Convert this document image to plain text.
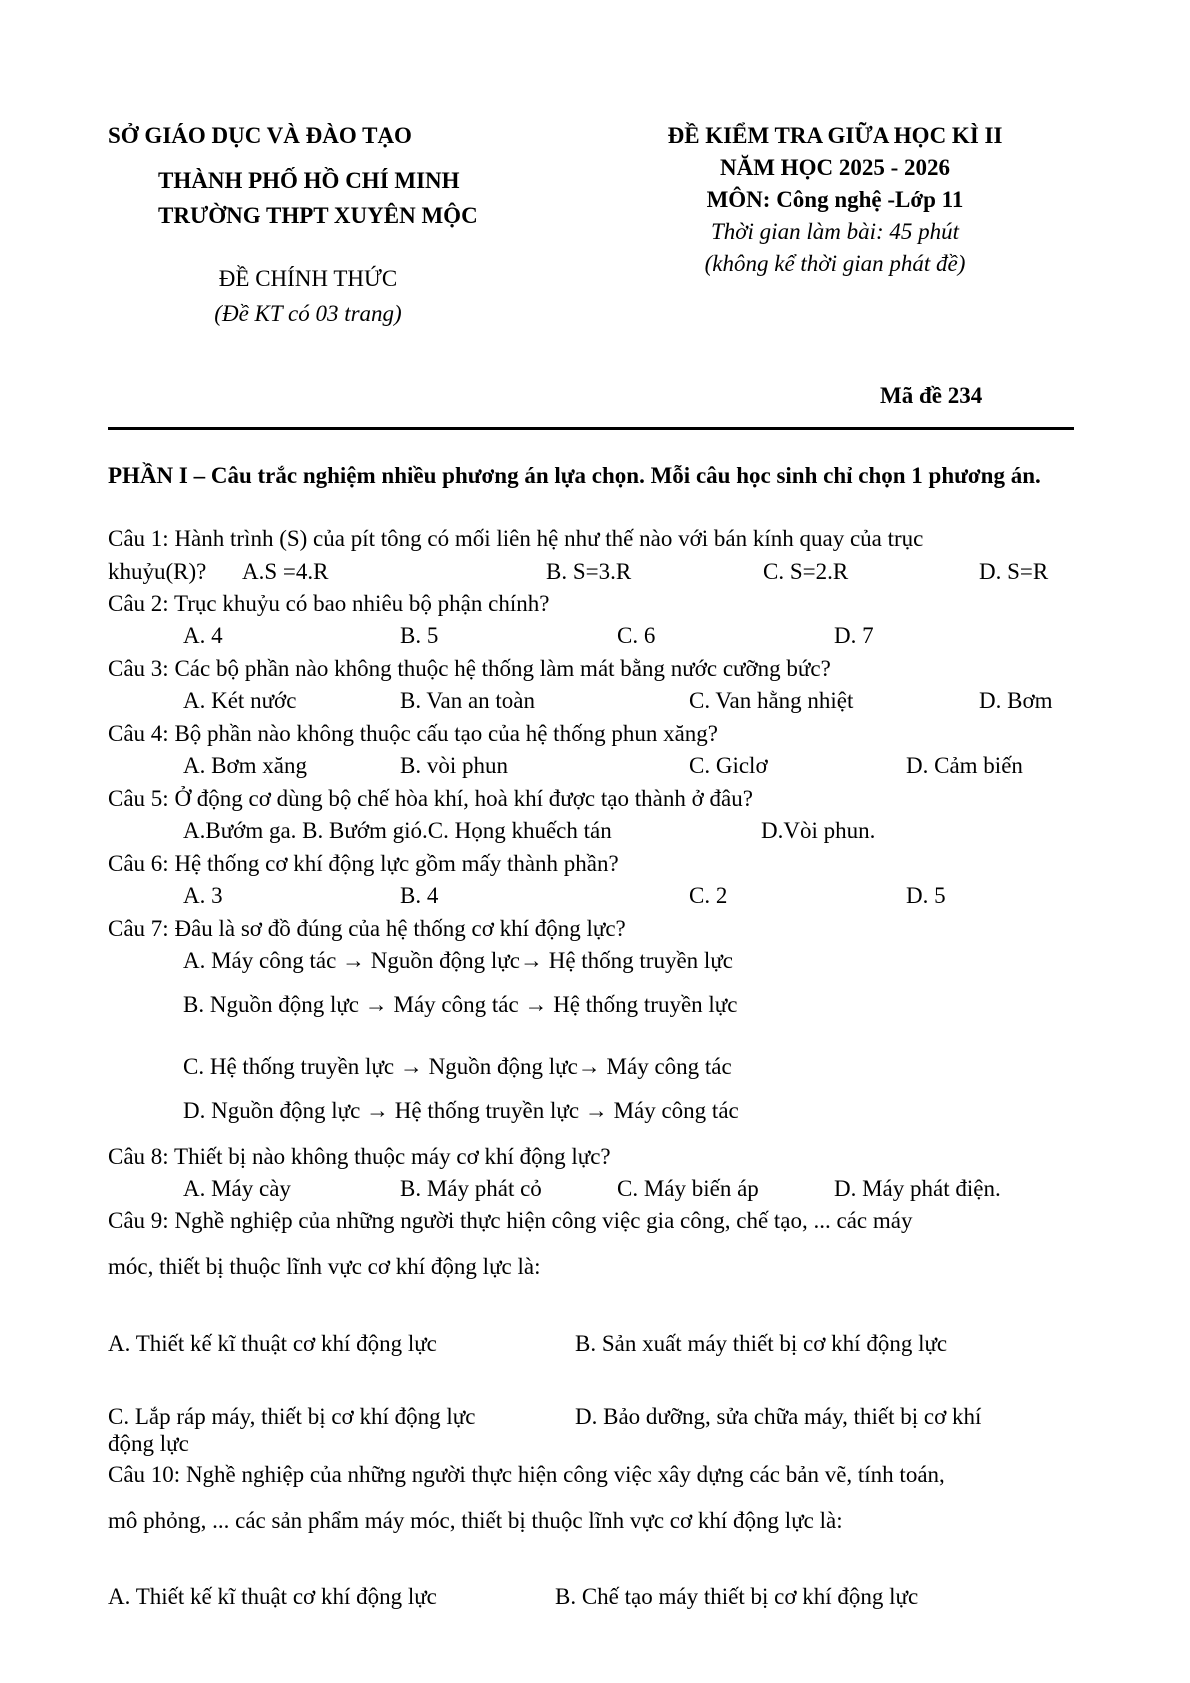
SỞ GIÁO DỤC VÀ ĐÀO TẠO
THÀNH PHỐ HỒ CHÍ MINH
TRƯỜNG THPT XUYÊN MỘC
ĐỀ CHÍNH THỨC
(Đề KT có 03 trang)
ĐỀ KIỂM TRA GIỮA HỌC KÌ II
NĂM HỌC 2025 - 2026
MÔN: Công nghệ -Lớp 11
Thời gian làm bài: 45 phút
(không kể thời gian phát đề)
Mã đề 234
PHẦN I – Câu trắc nghiệm nhiều phương án lựa chọn. Mỗi câu học sinh chỉ chọn 1 phương án.
Câu 1: Hành trình (S) của pít tông có mối liên hệ như thế nào với bán kính quay của trục
khuỷu(R)? A.S =4.R	B. S=3.R	C. S=2.R	D. S=R
Câu 2: Trục khuỷu có bao nhiêu bộ phận chính?
A. 4	B. 5	C. 6	D. 7
Câu 3: Các bộ phần nào không thuộc hệ thống làm mát bằng nước cưỡng bức?
A. Két nước	B. Van an toàn	C. Van hằng nhiệt	D. Bơm
Câu 4: Bộ phần nào không thuộc cấu tạo của hệ thống phun xăng?
A. Bơm xăng	B. vòi phun	C. Giclơ	D. Cảm biến
Câu 5: Ở động cơ dùng bộ chế hòa khí, hoà khí được tạo thành ở đâu?
A.Bướm ga. B. Bướm gió.C. Họng khuếch tán	D.Vòi phun.
Câu 6: Hệ thống cơ khí động lực gồm mấy thành phần?
A. 3	B. 4	C. 2	D. 5
Câu 7: Đâu là sơ đồ đúng của hệ thống cơ khí động lực?
A. Máy công tác → Nguồn động lực→ Hệ thống truyền lực
B. Nguồn động lực → Máy công tác → Hệ thống truyền lực
C. Hệ thống truyền lực → Nguồn động lực→ Máy công tác
D. Nguồn động lực → Hệ thống truyền lực → Máy công tác
Câu 8: Thiết bị nào không thuộc máy cơ khí động lực?
A. Máy cày	B. Máy phát cỏ	C. Máy biến áp	D. Máy phát điện.
Câu 9: Nghề nghiệp của những người thực hiện công việc gia công, chế tạo, ... các máy
móc, thiết bị thuộc lĩnh vực cơ khí động lực là:
A. Thiết kế kĩ thuật cơ khí động lực	B. Sản xuất máy thiết bị cơ khí động lực
C. Lắp ráp máy, thiết bị cơ khí động lực	D. Bảo dưỡng, sửa chữa máy, thiết bị cơ khí
động lực
Câu 10: Nghề nghiệp của những người thực hiện công việc xây dựng các bản vẽ, tính toán,
mô phỏng, ... các sản phẩm máy móc, thiết bị thuộc lĩnh vực cơ khí động lực là:
A. Thiết kế kĩ thuật cơ khí động lực	B. Chế tạo máy thiết bị cơ khí động lực
